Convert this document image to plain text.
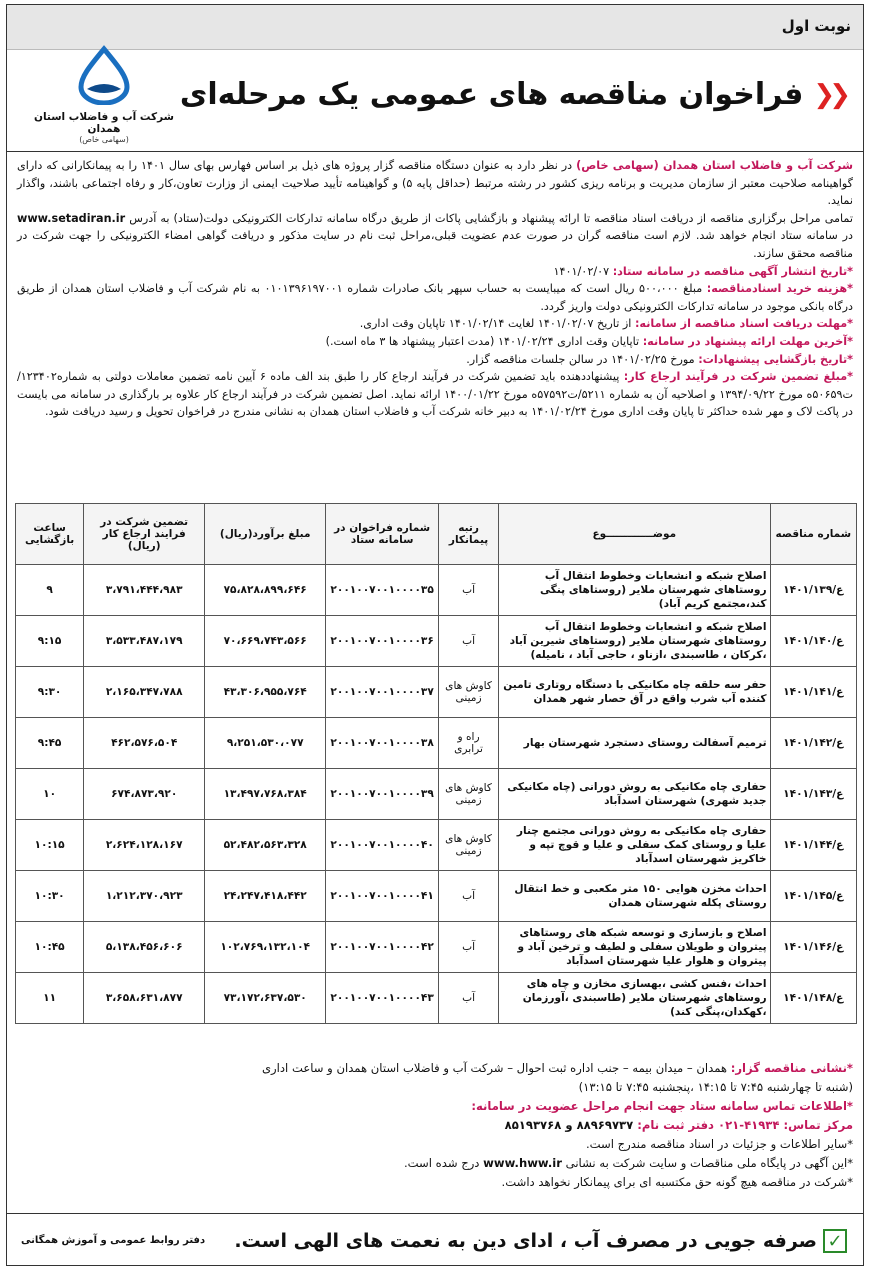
نوبت اول
شرکت آب و فاضلاب استان همدان
(سهامی خاص)
❮❮
فراخوان مناقصه های عمومی یک مرحله‌ای

شرکت آب و فاضلاب استان همدان (سهامی خاص) در نظر دارد به عنوان دستگاه مناقصه گزار پروژه های ذیل بر اساس فهارس بهای سال ۱۴۰۱ را به پیمانکارانی که دارای گواهینامه صلاحیت معتبر از سازمان مدیریت و برنامه ریزی کشور در رشته مرتبط (حداقل پایه ۵) و گواهینامه تأیید صلاحیت ایمنی از وزارت تعاون،کار و رفاه اجتماعی باشند، واگذار نماید.

تمامی مراحل برگزاری مناقصه از دریافت اسناد مناقصه تا ارائه پیشنهاد و بازگشایی پاکات از طریق درگاه سامانه تدارکات الکترونیکی دولت(ستاد) به آدرس www.setadiran.ir در سامانه ستاد انجام خواهد شد. لازم است مناقصه گران در صورت عدم عضویت قبلی،مراحل ثبت نام در سایت مذکور و دریافت گواهی امضاء الکترونیکی را جهت شرکت در مناقصه محقق سازند.

*تاریخ انتشار آگهی مناقصه در سامانه ستاد: ۱۴۰۱/۰۲/۰۷

*هزینه خرید اسنادمناقصه: مبلغ ۵۰۰،۰۰۰ ریال است که میبایست به حساب سپهر بانک صادرات شماره ۰۱۰۱۳۹۶۱۹۷۰۰۱ به نام شرکت آب و فاضلاب استان همدان از طریق درگاه بانکی موجود در سامانه تدارکات الکترونیکی دولت واریز گردد.

*مهلت دریافت اسناد مناقصه از سامانه: از تاریخ ۱۴۰۱/۰۲/۰۷ لغایت ۱۴۰۱/۰۲/۱۴ تاپایان وقت اداری.

*آخرین مهلت ارائه پیشنهاد در سامانه: تاپایان وقت اداری ۱۴۰۱/۰۲/۲۴ (مدت اعتبار پیشنهاد ها ۳ ماه است.)

*تاریخ بازگشایی پیشنهادات: مورخ ۱۴۰۱/۰۲/۲۵ در سالن جلسات مناقصه گزار.

*مبلغ تضمین شرکت در فرآیند ارجاع کار: پیشنهاددهنده باید تضمین شرکت در فرآیند ارجاع کار را طبق بند الف ماده ۶ آیین نامه تضمین معاملات دولتی به شماره۱۲۳۴۰۲/ت۵۰۶۵۹ه مورخ ۱۳۹۴/۰۹/۲۲ و اصلاحیه آن به شماره ۵۲۱۱/ت۵۷۵۹۲ه مورخ ۱۴۰۰/۰۱/۲۲ ارائه نماید. اصل تضمین شرکت در فرآیند ارجاع کار علاوه بر بارگذاری در سامانه می بایست در پاکت لاک و مهر شده حداکثر تا پایان وقت اداری مورخ ۱۴۰۱/۰۲/۲۴ به دبیر خانه شرکت آب و فاضلاب استان همدان به نشانی مندرج در فراخوان تحویل و رسید دریافت شود.

شماره مناقصه	موضـــــــــــــوع	رتبه پیمانکار	شماره فراخوان در سامانه ستاد	مبلغ برآورد(ریال)	تضمین شرکت در فرایند ارجاع کار (ریال)	ساعت بازگشایی
ع/۱۴۰۱/۱۳۹	اصلاح شبکه و انشعابات وخطوط انتقال آب روستاهای شهرستان ملایر (روستاهای پنگی کند،مجتمع کریم آباد)	آب	۲۰۰۱۰۰۷۰۰۱۰۰۰۰۳۵	۷۵،۸۲۸،۸۹۹،۶۴۶	۳،۷۹۱،۴۴۴،۹۸۳	۹
ع/۱۴۰۱/۱۴۰	اصلاح شبکه و انشعابات وخطوط انتقال آب روستاهای شهرستان ملایر (روستاهای شیرین آباد ،کرکان ، طاسبندی ،ازناو ، حاجی آباد ، نامیله)	آب	۲۰۰۱۰۰۷۰۰۱۰۰۰۰۳۶	۷۰،۶۶۹،۷۴۳،۵۶۶	۳،۵۳۳،۴۸۷،۱۷۹	۹:۱۵
ع/۱۴۰۱/۱۴۱	حفر سه حلقه چاه مکانیکی با دستگاه روتاری تامین کننده آب شرب واقع در آق حصار شهر همدان	کاوش های زمینی	۲۰۰۱۰۰۷۰۰۱۰۰۰۰۳۷	۴۳،۳۰۶،۹۵۵،۷۶۴	۲،۱۶۵،۳۴۷،۷۸۸	۹:۳۰
ع/۱۴۰۱/۱۴۲	ترمیم آسفالت روستای دستجرد شهرستان بهار	راه و ترابری	۲۰۰۱۰۰۷۰۰۱۰۰۰۰۳۸	۹،۲۵۱،۵۳۰،۰۷۷	۴۶۲،۵۷۶،۵۰۴	۹:۴۵
ع/۱۴۰۱/۱۴۳	حفاری چاه مکانیکی به روش دورانی (چاه مکانیکی جدید شهری) شهرستان اسدآباد	کاوش های زمینی	۲۰۰۱۰۰۷۰۰۱۰۰۰۰۳۹	۱۳،۴۹۷،۷۶۸،۳۸۴	۶۷۴،۸۷۳،۹۲۰	۱۰
ع/۱۴۰۱/۱۴۴	حفاری چاه مکانیکی به روش دورانی مجتمع چنار علیا و روستای کمک سفلی و علیا و قوچ تپه و خاکریز شهرستان اسدآباد	کاوش های زمینی	۲۰۰۱۰۰۷۰۰۱۰۰۰۰۴۰	۵۲،۴۸۲،۵۶۳،۳۲۸	۲،۶۲۴،۱۲۸،۱۶۷	۱۰:۱۵
ع/۱۴۰۱/۱۴۵	احداث مخزن هوایی ۱۵۰ متر مکعبی و خط انتقال روستای پکله شهرستان همدان	آب	۲۰۰۱۰۰۷۰۰۱۰۰۰۰۴۱	۲۴،۲۴۷،۴۱۸،۴۴۲	۱،۲۱۲،۳۷۰،۹۲۳	۱۰:۳۰
ع/۱۴۰۱/۱۴۶	اصلاح و بازسازی و توسعه شبکه های روستاهای پیتروان و طویلان سفلی و لطیف و ترخین آباد و پیتروان و هلوار علیا شهرستان اسدآباد	آب	۲۰۰۱۰۰۷۰۰۱۰۰۰۰۴۲	۱۰۲،۷۶۹،۱۳۲،۱۰۴	۵،۱۳۸،۴۵۶،۶۰۶	۱۰:۴۵
ع/۱۴۰۱/۱۴۸	احداث ،فنس کشی ،بهسازی مخازن و چاه های روستاهای شهرستان ملایر (طاسبندی ،آورزمان ،کهکدان،پنگی کند)	آب	۲۰۰۱۰۰۷۰۰۱۰۰۰۰۴۳	۷۳،۱۷۲،۶۳۷،۵۳۰	۳،۶۵۸،۶۳۱،۸۷۷	۱۱

*نشانی مناقصه گزار: همدان – میدان بیمه – جنب اداره ثبت احوال – شرکت آب و فاضلاب استان همدان و ساعت اداری

(شنبه تا چهارشنبه ۷:۴۵ تا ۱۴:۱۵ ،پنجشنبه ۷:۴۵ تا ۱۳:۱۵)

*اطلاعات تماس سامانه ستاد جهت انجام مراحل عضویت در سامانه:

مرکز تماس: ۴۱۹۳۴-۰۲۱ دفتر ثبت نام: ۸۸۹۶۹۷۳۷ و ۸۵۱۹۳۷۶۸

*سایر اطلاعات و جزئیات در اسناد مناقصه مندرج است.

*این آگهی در پایگاه ملی مناقصات و سایت شرکت به نشانی www.hww.ir درج شده است.

*شرکت در مناقصه هیچ گونه حق مکتسبه ای برای پیمانکار نخواهد داشت.

✓
صرفه جویی در مصرف آب ، ادای دین به نعمت های الهی است.
دفتر روابط عمومی و آموزش همگانی
